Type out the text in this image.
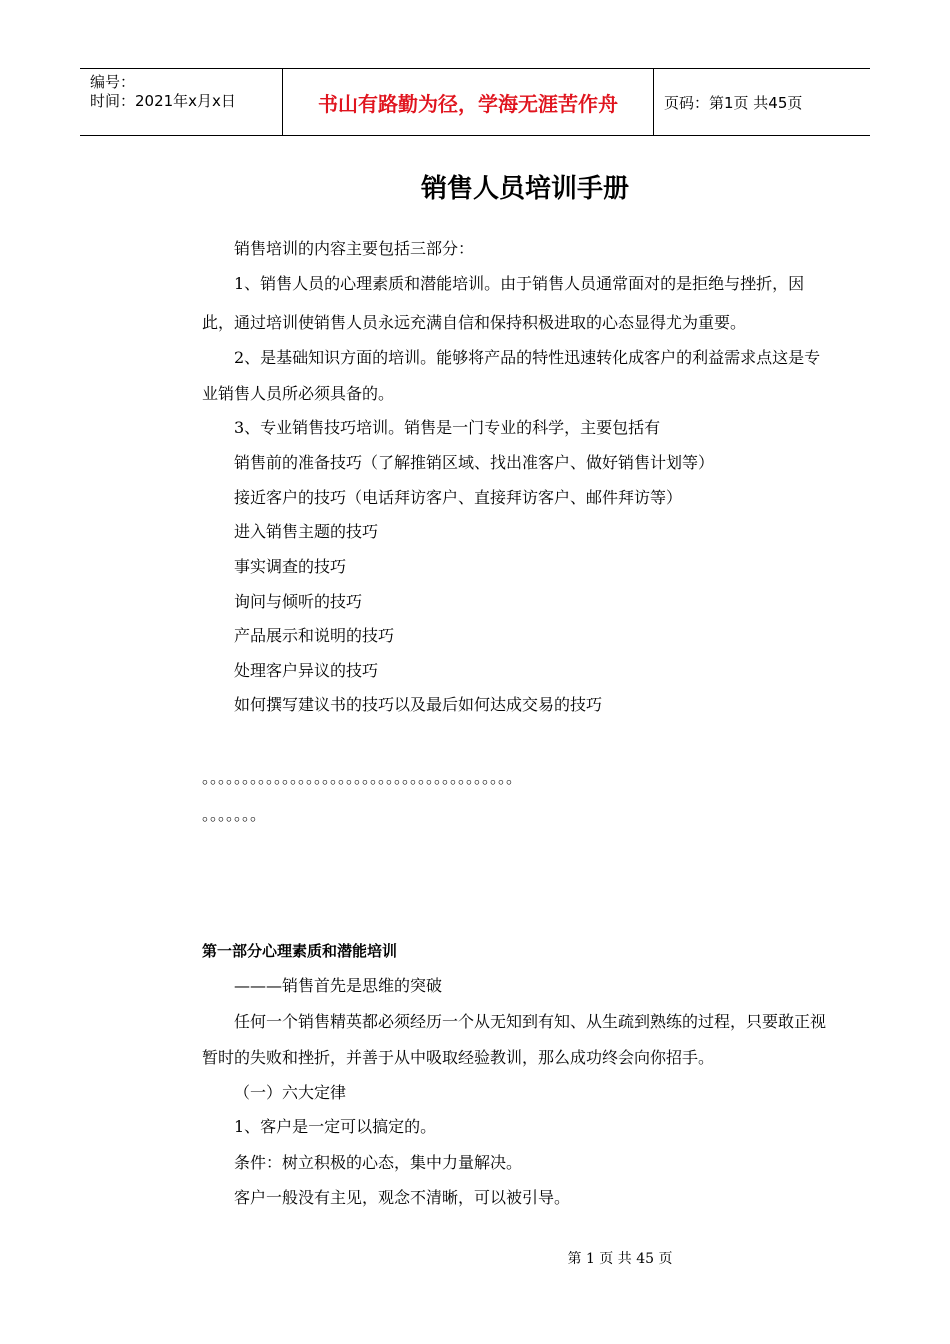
编号：
时间：2021年x月x日	书山有路勤为径，学海无涯苦作舟	页码：第1页 共45页
销售人员培训手册
销售培训的内容主要包括三部分：
1、销售人员的心理素质和潜能培训。由于销售人员通常面对的是拒绝与挫折，因
此，通过培训使销售人员永远充满自信和保持积极进取的心态显得尤为重要。
2、是基础知识方面的培训。能够将产品的特性迅速转化成客户的利益需求点这是专
业销售人员所必须具备的。
3、专业销售技巧培训。销售是一门专业的科学，主要包括有
销售前的准备技巧（了解推销区域、找出准客户、做好销售计划等）
接近客户的技巧（电话拜访客户、直接拜访客户、邮件拜访等）
进入销售主题的技巧
事实调查的技巧
询问与倾听的技巧
产品展示和说明的技巧
处理客户异议的技巧
如何撰写建议书的技巧以及最后如何达成交易的技巧
。。。。。。。。。。。。。。。。。。。。。。。。。。。。。。。。。。。。。。。
。。。。。。。
第一部分心理素质和潜能培训
———销售首先是思维的突破
任何一个销售精英都必须经历一个从无知到有知、从生疏到熟练的过程，只要敢正视
暂时的失败和挫折，并善于从中吸取经验教训，那么成功终会向你招手。
（一）六大定律
1、客户是一定可以搞定的。
条件：树立积极的心态，集中力量解决。
客户一般没有主见，观念不清晰，可以被引导。
第 1 页 共 45 页
